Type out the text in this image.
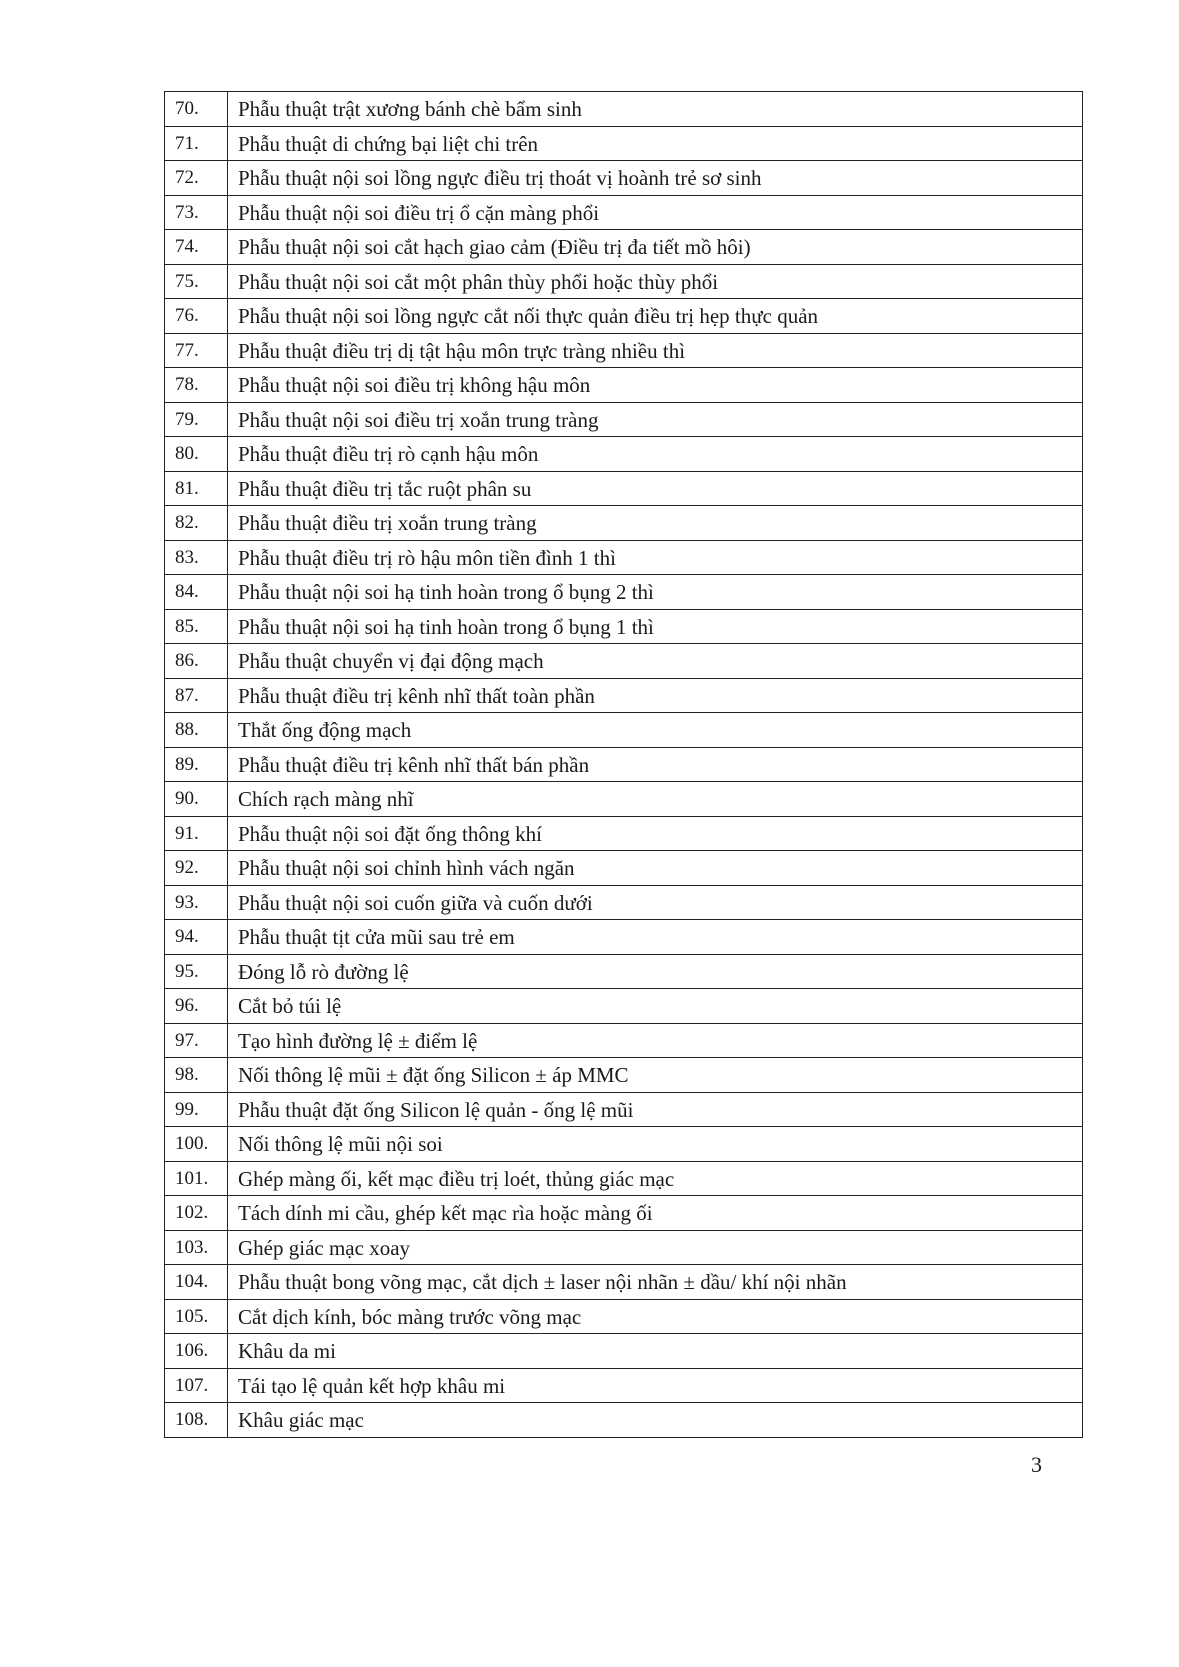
70.	Phẫu thuật trật xương bánh chè bẩm sinh
71.	Phẫu thuật di chứng bại liệt chi trên
72.	Phẫu thuật nội soi lồng ngực điều trị thoát vị hoành trẻ sơ sinh
73.	Phẫu thuật nội soi điều trị ổ cặn màng phổi
74.	Phẫu thuật nội soi cắt hạch giao cảm (Điều trị đa tiết mồ hôi)
75.	Phẫu thuật nội soi cắt một phân thùy phổi hoặc thùy phổi
76.	Phẫu thuật nội soi lồng ngực cắt nối thực quản điều trị hẹp thực quản
77.	Phẫu thuật điều trị dị tật hậu môn trực tràng nhiều thì
78.	Phẫu thuật nội soi điều trị không hậu môn
79.	Phẫu thuật nội soi điều trị xoắn trung tràng
80.	Phẫu thuật điều trị rò cạnh hậu môn
81.	Phẫu thuật điều trị tắc ruột phân su
82.	Phẫu thuật điều trị xoắn trung tràng
83.	Phẫu thuật điều trị rò hậu môn tiền đình 1 thì
84.	Phẫu thuật nội soi hạ tinh hoàn trong ổ bụng 2 thì
85.	Phẫu thuật nội soi hạ tinh hoàn trong ổ bụng 1 thì
86.	Phẫu thuật chuyển vị đại động mạch
87.	Phẫu thuật điều trị kênh nhĩ thất toàn phần
88.	Thắt ống động mạch
89.	Phẫu thuật điều trị kênh nhĩ thất bán phần
90.	Chích rạch màng nhĩ
91.	Phẫu thuật nội soi đặt ống thông khí
92.	Phẫu thuật nội soi chỉnh hình vách ngăn
93.	Phẫu thuật nội soi cuốn giữa và cuốn dưới
94.	Phẫu thuật tịt cửa mũi sau trẻ em
95.	Đóng lỗ rò đường lệ
96.	Cắt bỏ túi lệ
97.	Tạo hình đường lệ ± điểm lệ
98.	Nối thông lệ mũi ± đặt ống Silicon ± áp MMC
99.	Phẫu thuật đặt ống Silicon lệ quản - ống lệ mũi
100.	Nối thông lệ mũi nội soi
101.	Ghép màng ối, kết mạc điều trị loét, thủng giác mạc
102.	Tách dính mi cầu, ghép kết mạc rìa hoặc màng ối
103.	Ghép giác mạc xoay
104.	Phẫu thuật bong võng mạc, cắt dịch ± laser nội nhãn ± dầu/ khí nội nhãn
105.	Cắt dịch kính, bóc màng trước võng mạc
106.	Khâu da mi
107.	Tái tạo lệ quản kết hợp khâu mi
108.	Khâu giác mạc
3
